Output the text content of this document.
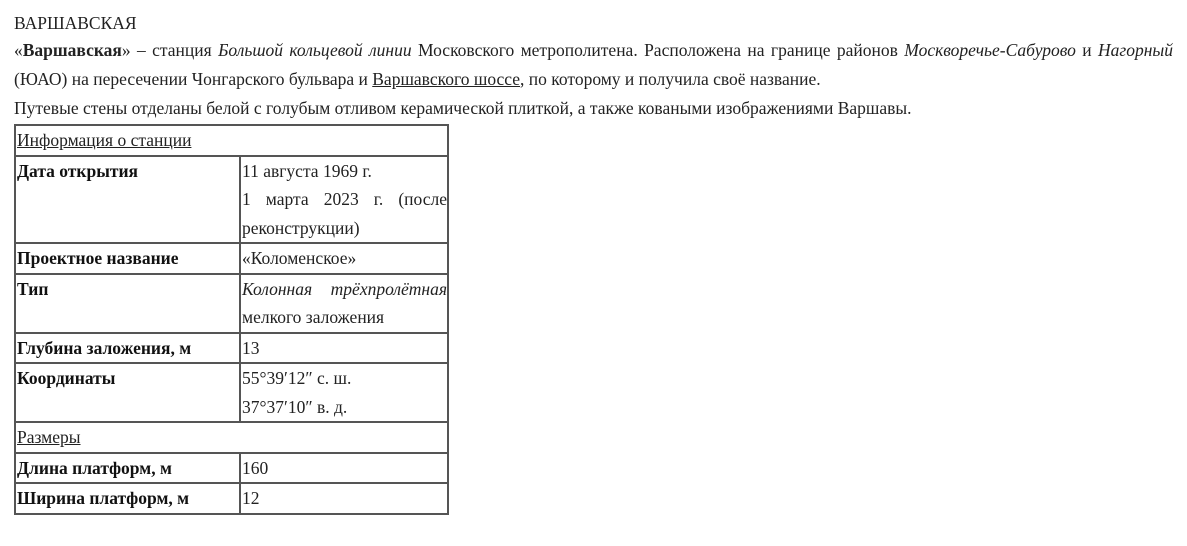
ВАРШАВСКАЯ

«Варшавская» – станция Большой кольцевой линии Московского метрополитена. Расположена на границе районов Москворечье-Сабурово и Нагорный (ЮАО) на пересечении Чонгарского бульвара и Варшавского шоссе, по которому и получила своё название.

Путевые стены отделаны белой с голубым отливом керамической плиткой, а также коваными изображениями Варшавы.

Информация о станции	
Дата открытия	11 августа 1969 г.
1 марта 2023 г. (после реконструкции)

Проектное название	«Коломенское»
Тип	Колонная трёхпролётная мелкого заложения
Глубина заложения, м	13
Координаты	55°39′12″ с. ш.
37°37′10″ в. д.

Размеры	
Длина платформ, м	160
Ширина платформ, м	12
